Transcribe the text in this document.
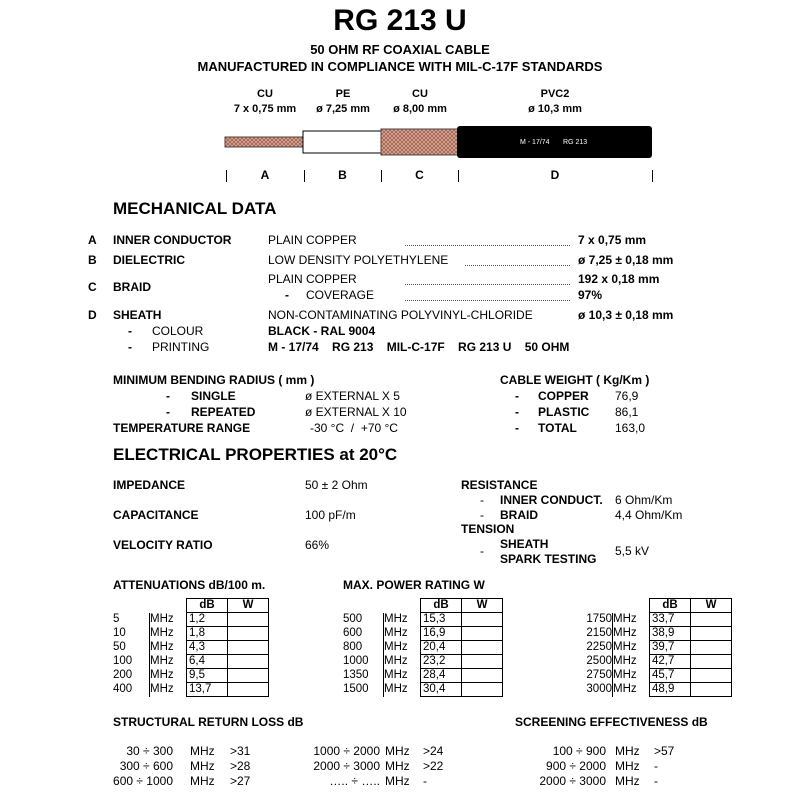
RG 213 U
50 OHM RF COAXIAL CABLE
MANUFACTURED IN COMPLIANCE WITH MIL-C-17F STANDARDS
CU
7 x 0,75 mm
PE
ø 7,25 mm
CU
ø 8,00 mm
PVC2
ø 10,3 mm
M - 17/74 RG 213
A	B	C	D
MECHANICAL DATA
A INNER CONDUCTOR	PLAIN COPPER	7 x 0,75 mm
B DIELECTRIC	LOW DENSITY POLYETHYLENE	ø 7,25 ± 0,18 mm
C BRAID
PLAIN COPPER	192 x 0,18 mm
- COVERAGE	97%
D SHEATH	NON-CONTAMINATING POLYVINYL-CHLORIDE	ø 10,3 ± 0,18 mm
- COLOUR	BLACK - RAL 9004
- PRINTING	M - 17/74    RG 213    MIL-C-17F    RG 213 U    50 OHM
MINIMUM BENDING RADIUS ( mm )
- SINGLE	ø EXTERNAL X 5
- REPEATED	ø EXTERNAL X 10
TEMPERATURE RANGE	-30 °C  /  +70 °C
CABLE WEIGHT ( Kg/Km )
- COPPER 76,9
- PLASTIC 86,1
- TOTAL	163,0
ELECTRICAL PROPERTIES at 20°C
IMPEDANCE	50 ± 2 Ohm
CAPACITANCE	100 pF/m
VELOCITY RATIO	66%
RESISTANCE
- INNER CONDUCT. 6 Ohm/Km
- BRAID	4,4 Ohm/Km
TENSION
- SHEATH
SPARK TESTING
5,5 kV
ATTENUATIONS dB/100 m.	MAX. POWER RATING W
		dB	W
5	MHz	1,2	
10	MHz	1,8	
50	MHz	4,3	
100	MHz	6,4	
200	MHz	9,5	
400	MHz	13,7	
		dB	W
500	MHz	15,3	
600	MHz	16,9	
800	MHz	20,4	
1000	MHz	23,2	
1350	MHz	28,4	
1500	MHz	30,4	
		dB	W
1750	MHz	33,7	
2150	MHz	38,9	
2250	MHz	39,7	
2500	MHz	42,7	
2750	MHz	45,7	
3000	MHz	48,9	
STRUCTURAL RETURN LOSS dB	SCREENING EFFECTIVENESS dB
30 ÷ 300 MHz >31
300 ÷ 600 MHz >28
600 ÷ 1000 MHz >27
1000 ÷ 2000 MHz >24
2000 ÷ 3000 MHz >22
….. ÷ ….. MHz -
100 ÷ 900 MHz >57
900 ÷ 2000 MHz -
2000 ÷ 3000 MHz -
